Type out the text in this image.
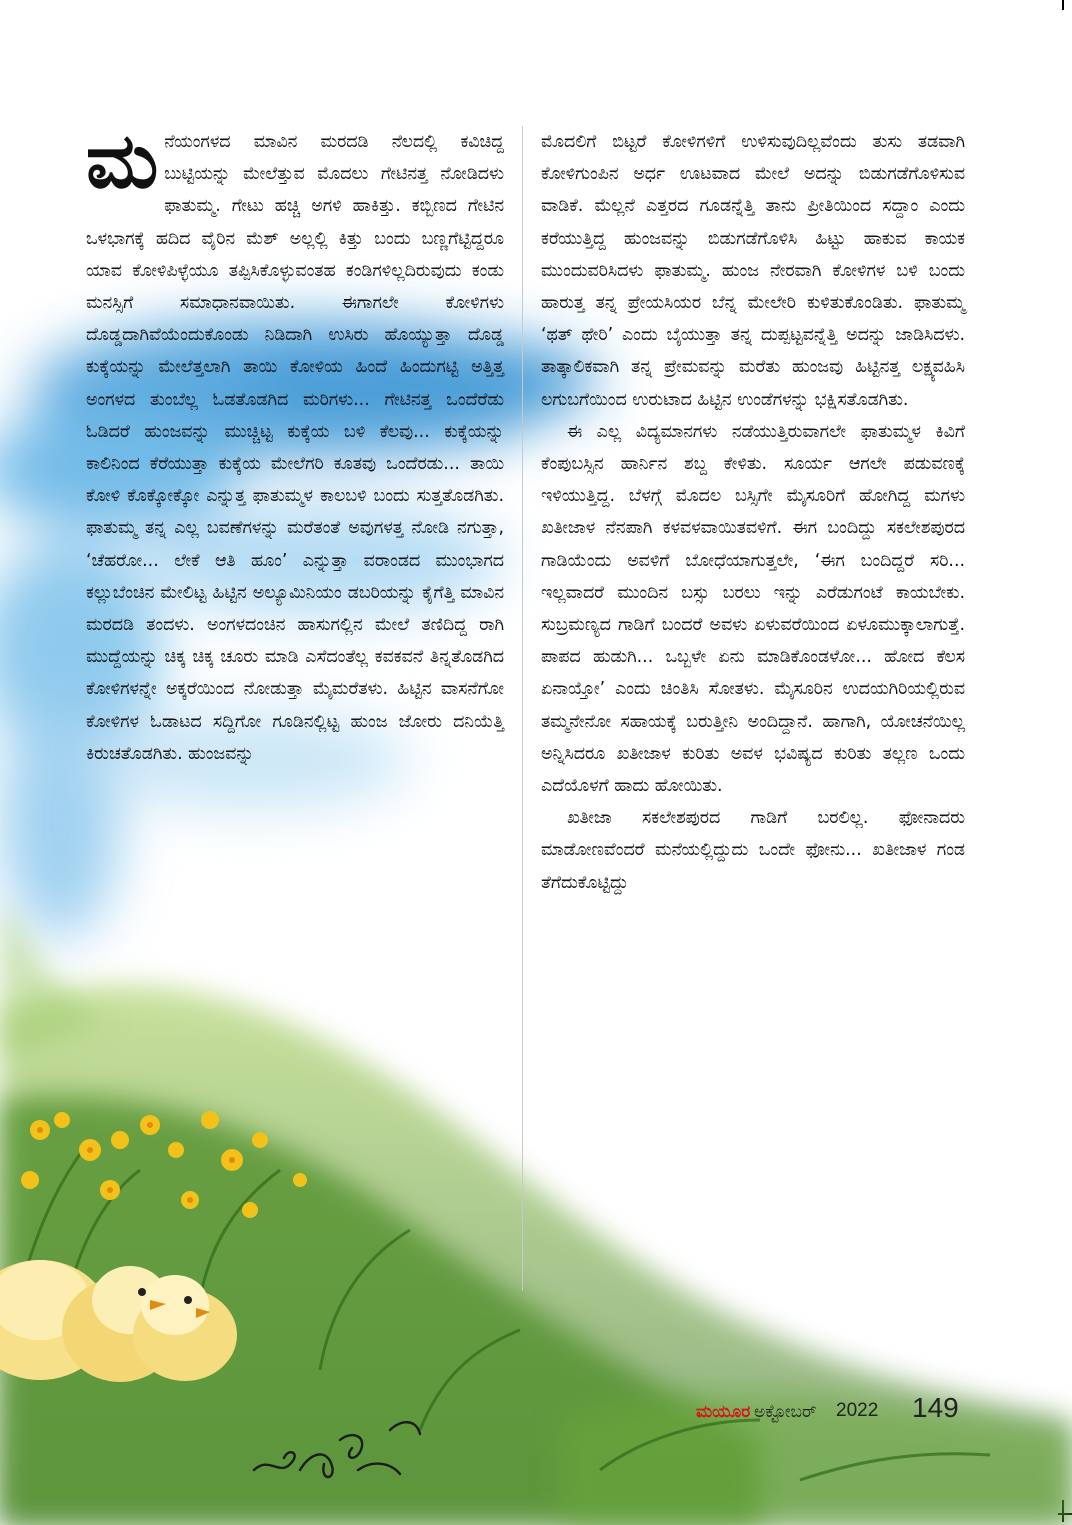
ಮ ನೆಯಂಗಳದ ಮಾವಿನ ಮರದಡಿ ನೆಲದಲ್ಲಿ ಕವಿಚಿದ್ದ ಬುಟ್ಟಿಯನ್ನು ಮೇಲೆತ್ತುವ ಮೊದಲು ಗೇಟಿನತ್ತ ನೋಡಿದಳು ಫಾತುಮ್ಮ. ಗೇಟು ಹಚ್ಚಿ ಅಗಳಿ ಹಾಕಿತ್ತು. ಕಬ್ಬಿಣದ ಗೇಟಿನ ಒಳಭಾಗಕ್ಕೆ ಹದಿದ ವೈರಿನ ಮೆಶ್ ಅಲ್ಲಲ್ಲಿ ಕಿತ್ತು ಬಂದು ಬಣ್ಣಗೆಟ್ಟಿದ್ದರೂ ಯಾವ ಕೋಳಿಪಿಳ್ಳೆಯೂ ತಪ್ಪಿಸಿಕೊಳ್ಳುವಂತಹ ಕಂಡಿಗಳಿಲ್ಲದಿರುವುದು ಕಂಡು ಮನಸ್ಸಿಗೆ ಸಮಾಧಾನವಾಯಿತು. ಈಗಾಗಲೇ ಕೋಳಿಗಳು ದೊಡ್ಡದಾಗಿವೆಯೆಂದುಕೊಂಡು ನಿಡಿದಾಗಿ ಉಸಿರು ಹೊಯ್ಯುತ್ತಾ ದೊಡ್ಡ ಕುಕ್ಕೆಯನ್ನು ಮೇಲೆತ್ತಲಾಗಿ ತಾಯಿ ಕೋಳಿಯ ಹಿಂದೆ ಹಿಂದುಗಟ್ಟಿ ಅತ್ತಿತ್ತ ಅಂಗಳದ ತುಂಬೆಲ್ಲ ಓಡತೊಡಗಿದ ಮರಿಗಳು... ಗೇಟಿನತ್ತ ಒಂದೆರೆಡು ಓಡಿದರೆ ಹುಂಜವನ್ನು ಮುಚ್ಚಿಟ್ಟ ಕುಕ್ಕೆಯ ಬಳಿ ಕೆಲವು... ಕುಕ್ಕೆಯನ್ನು ಕಾಲಿನಿಂದ ಕೆರೆಯುತ್ತಾ ಕುಕ್ಕೆಯ ಮೇಲೆಗರಿ ಕೂತವು ಒಂದೆರಡು... ತಾಯಿ ಕೋಳಿ ಕೊಕ್ಕೋಕ್ಕೋ ಎನ್ನುತ್ತ ಫಾತುಮ್ಮಳ ಕಾಲಬಳಿ ಬಂದು ಸುತ್ತತೊಡಗಿತು. ಫಾತುಮ್ಮ ತನ್ನ ಎಲ್ಲ ಬವಣೆಗಳನ್ನು ಮರೆತಂತೆ ಅವುಗಳತ್ತ ನೋಡಿ ನಗುತ್ತಾ, ‘ಚೆಹರೋ... ಲೇಕೆ ಆತಿ ಹೂಂ’ ಎನ್ನುತ್ತಾ ವರಾಂಡದ ಮುಂಭಾಗದ ಕಲ್ಲುಬೆಂಚಿನ ಮೇಲಿಟ್ಟ ಹಿಟ್ಟಿನ ಅಲ್ಯೂಮಿನಿಯಂ ಡಬರಿಯನ್ನು ಕೈಗೆತ್ತಿ ಮಾವಿನ ಮರದಡಿ ತಂದಳು. ಅಂಗಳದಂಚಿನ ಹಾಸುಗಲ್ಲಿನ ಮೇಲೆ ತಣಿದಿದ್ದ ರಾಗಿ ಮುದ್ದೆಯನ್ನು ಚಿಕ್ಕ ಚಿಕ್ಕ ಚೂರು ಮಾಡಿ ಎಸೆದಂತೆಲ್ಲ ಕವಕವನೆ ತಿನ್ನತೊಡಗಿದ ಕೋಳಿಗಳನ್ನೇ ಅಕ್ಕರೆಯಿಂದ ನೋಡುತ್ತಾ ಮೈಮರೆತಳು. ಹಿಟ್ಟಿನ ವಾಸನೆಗೋ ಕೋಳಿಗಳ ಓಡಾಟದ ಸದ್ದಿಗೋ ಗೂಡಿನಲ್ಲಿಟ್ಟ ಹುಂಜ ಜೋರು ದನಿಯೆತ್ತಿ ಕಿರುಚತೊಡಗಿತು. ಹುಂಜವನ್ನು

ಮೊದಲಿಗೆ ಬಿಟ್ಟರೆ ಕೋಳಿಗಳಿಗೆ ಉಳಿಸುವುದಿಲ್ಲವೆಂದು ತುಸು ತಡವಾಗಿ ಕೋಳಿಗುಂಪಿನ ಅರ್ಧ ಊಟವಾದ ಮೇಲೆ ಅದನ್ನು ಬಿಡುಗಡೆಗೊಳಿಸುವ ವಾಡಿಕೆ. ಮೆಲ್ಲನೆ ಎತ್ತರದ ಗೂಡನ್ನೆತ್ತಿ ತಾನು ಪ್ರೀತಿಯಿಂದ ಸದ್ದಾಂ ಎಂದು ಕರೆಯುತ್ತಿದ್ದ ಹುಂಜವನ್ನು ಬಿಡುಗಡೆಗೊಳಿಸಿ ಹಿಟ್ಟು ಹಾಕುವ ಕಾಯಕ ಮುಂದುವರಿಸಿದಳು ಫಾತುಮ್ಮ. ಹುಂಜ ನೇರವಾಗಿ ಕೋಳಿಗಳ ಬಳಿ ಬಂದು ಹಾರುತ್ತ ತನ್ನ ಪ್ರೇಯಸಿಯರ ಬೆನ್ನ ಮೇಲೇರಿ ಕುಳಿತುಕೊಂಡಿತು. ಫಾತುಮ್ಮ ‘ಥತ್ ಥೇರಿ’ ಎಂದು ಬೈಯುತ್ತಾ ತನ್ನ ದುಪ್ಪಟ್ಟವನ್ನೆತ್ತಿ ಅದನ್ನು ಜಾಡಿಸಿದಳು. ತಾತ್ಕಾಲಿಕವಾಗಿ ತನ್ನ ಪ್ರೇಮವನ್ನು ಮರೆತು ಹುಂಜವು ಹಿಟ್ಟಿನತ್ತ ಲಕ್ಷ್ಯವಹಿಸಿ ಲಗುಬಗೆಯಿಂದ ಉರುಟಾದ ಹಿಟ್ಟಿನ ಉಂಡೆಗಳನ್ನು ಭಕ್ಷಿಸತೊಡಗಿತು.

ಈ ಎಲ್ಲ ವಿದ್ಯಮಾನಗಳು ನಡೆಯುತ್ತಿರುವಾಗಲೇ ಫಾತುಮ್ಮಳ ಕಿವಿಗೆ ಕೆಂಪುಬಸ್ಸಿನ ಹಾರ್ನಿನ ಶಬ್ದ ಕೇಳಿತು. ಸೂರ್ಯ ಆಗಲೇ ಪಡುವಣಕ್ಕೆ ಇಳಿಯುತ್ತಿದ್ದ. ಬೆಳಗ್ಗೆ ಮೊದಲ ಬಸ್ಸಿಗೇ ಮೈಸೂರಿಗೆ ಹೋಗಿದ್ದ ಮಗಳು ಖತೀಜಾಳ ನೆನಪಾಗಿ ಕಳವಳವಾಯಿತವಳಿಗೆ. ಈಗ ಬಂದಿದ್ದು ಸಕಲೇಶಪುರದ ಗಾಡಿಯೆಂದು ಅವಳಿಗೆ ಬೋಧೆಯಾಗುತ್ತಲೇ, ‘ಈಗ ಬಂದಿದ್ದರೆ ಸರಿ... ಇಲ್ಲವಾದರೆ ಮುಂದಿನ ಬಸ್ಸು ಬರಲು ಇನ್ನು ಎರೆಡುಗಂಟೆ ಕಾಯಬೇಕು. ಸುಬ್ರಮಣ್ಯದ ಗಾಡಿಗೆ ಬಂದರೆ ಅವಳು ಏಳುವರೆಯಿಂದ ಏಳೂಮುಕ್ಕಾಲಾಗುತ್ತೆ. ಪಾಪದ ಹುಡುಗಿ... ಒಬ್ಬಳೇ ಏನು ಮಾಡಿಕೊಂಡಳೋ... ಹೋದ ಕೆಲಸ ಏನಾಯ್ತೋ’ ಎಂದು ಚಿಂತಿಸಿ ಸೋತಳು. ಮೈಸೂರಿನ ಉದಯಗಿರಿಯಲ್ಲಿರುವ ತಮ್ಮನೇನೋ ಸಹಾಯಕ್ಕೆ ಬರುತ್ತೀನಿ ಅಂದಿದ್ದಾನೆ. ಹಾಗಾಗಿ, ಯೋಚನೆಯಿಲ್ಲ ಅನ್ನಿಸಿದರೂ ಖತೀಜಾಳ ಕುರಿತು ಅವಳ ಭವಿಷ್ಯದ ಕುರಿತು ತಲ್ಲಣ ಒಂದು ಎದೆಯೊಳಗೆ ಹಾದು ಹೋಯಿತು.

ಖತೀಜಾ ಸಕಲೇಶಪುರದ ಗಾಡಿಗೆ ಬರಲಿಲ್ಲ. ಫೋನಾದರು ಮಾಡೋಣವೆಂದರೆ ಮನೆಯಲ್ಲಿದ್ದುದು ಒಂದೇ ಫೋನು... ಖತೀಜಾಳ ಗಂಡ ತೆಗೆದುಕೊಟ್ಟಿದ್ದು

ಮಯೂರ ಅಕ್ಟೋಬರ್ 2022 149
